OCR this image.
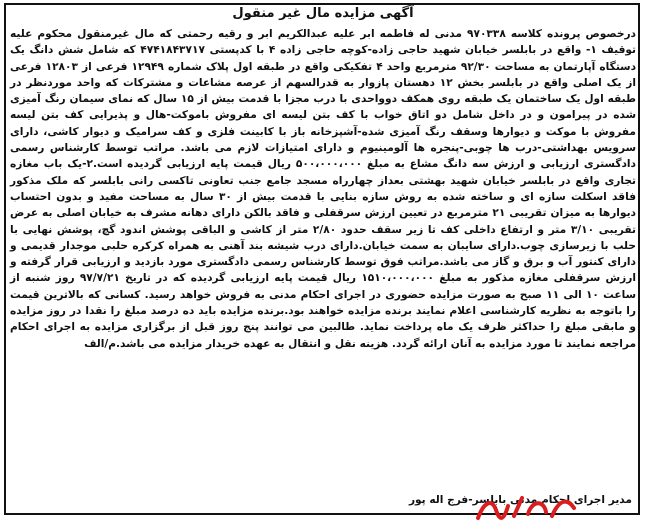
آگهی مزایده مال غیر منقول
درخصوص پرونده کلاسه ۹۷۰۳۳۸ مدنی له فاطمه ابر علیه عبدالکریم ابر و رقیه رحمتی که مال غیرمنقول محکوم علیه توقیف ۱- واقع در بابلسر خیابان شهید حاجی زاده-کوچه حاجی زاده ۴ با کدپستی ۴۷۴۱۸۴۳۷۱۷ که شامل شش دانگ یک دستگاه آپارتمان به مساحت ۹۲/۳۰ مترمربع واحد ۴ تفکیکی واقع در طبقه اول پلاک شماره ۱۲۹۴۹ فرعی از ۱۲۸۰۳ فرعی از یک اصلی واقع در بابلسر بخش ۱۲ دهستان پازوار به قدرالسهم از عرصه مشاعات و مشترکات که واحد موردنظر در طبقه اول یک ساختمان یک طبقه روی همکف دوواحدی با درب مجزا با قدمت بیش از ۱۵ سال که نمای سیمان رنگ آمیزی شده در پیرامون و در داخل شامل دو اتاق خواب با کف بتن لیسه ای مفروش باموکت-هال و پذیرایی کف بتن لیسه مفروش با موکت و دیوارها وسقف رنگ آمیزی شده-آشپزخانه باز با کابینت فلزی و کف سرامیک و دیوار کاشی، دارای سرویس بهداشتی-درب ها چوبی-پنجره ها آلومینیوم و دارای امتیازات لازم می باشد. مراتب توسط کارشناس رسمی دادگستری ارزیابی و ارزش سه دانگ مشاع به مبلغ ۵۰۰،۰۰۰،۰۰۰ ریال قیمت پایه ارزیابی گردیده است.۲-یک باب مغازه تجاری واقع در بابلسر خیابان شهید بهشتی بعداز چهارراه مسجد جامع جنب تعاونی تاکسی رانی بابلسر که ملک مذکور فاقد اسکلت سازه ای و ساخته شده به روش سازه بنایی با قدمت بیش از ۳۰ سال به مساحت مفید و بدون احتساب دیوارها به میزان تقریبی ۲۱ مترمربع در تعیین ارزش سرقفلی و فاقد بالکن دارای دهانه مشرف به خیابان اصلی به عرض تقریبی ۳/۱۰ متر و ارتفاع داخلی کف تا زیر سقف حدود ۲/۸۰ متر از کاشی و الباقی پوشش اندود گچ، پوشش نهایی با حلب با زیرسازی چوب.دارای سایبان به سمت خیابان.دارای درب شیشه بند آهنی به همراه کرکره حلبی موجدار قدیمی و دارای کنتور آب و برق و گاز می باشد.مراتب فوق توسط کارشناس رسمی دادگستری مورد بازدید و ارزیابی قرار گرفته و ارزش سرقفلی مغازه مذکور به مبلغ ۱۵۱۰،۰۰۰،۰۰۰ ریال قیمت پایه ارزیابی گردیده که در تاریخ ۹۷/۷/۲۱ روز شنبه از ساعت ۱۰ الی ۱۱ صبح به صورت مزایده حضوری در اجرای احکام مدنی به فروش خواهد رسید. کسانی که بالاترین قیمت را باتوجه به نظریه کارشناسی اعلام نمایند برنده مزایده خواهند بود.برنده مزایده باید ده درصد مبلغ را نقدا در روز مزایده و مابقی مبلغ را حداکثر ظرف یک ماه پرداخت نماید. طالبین می توانند پنج روز قبل از برگزاری مزایده به اجرای احکام مراجعه نمایند تا مورد مزایده به آنان ارائه گردد. هزینه نقل و انتقال به عهده خریدار مزایده می باشد.م/الف
مدیر اجرای احکام مدنی بابلسر-فرج اله پور
